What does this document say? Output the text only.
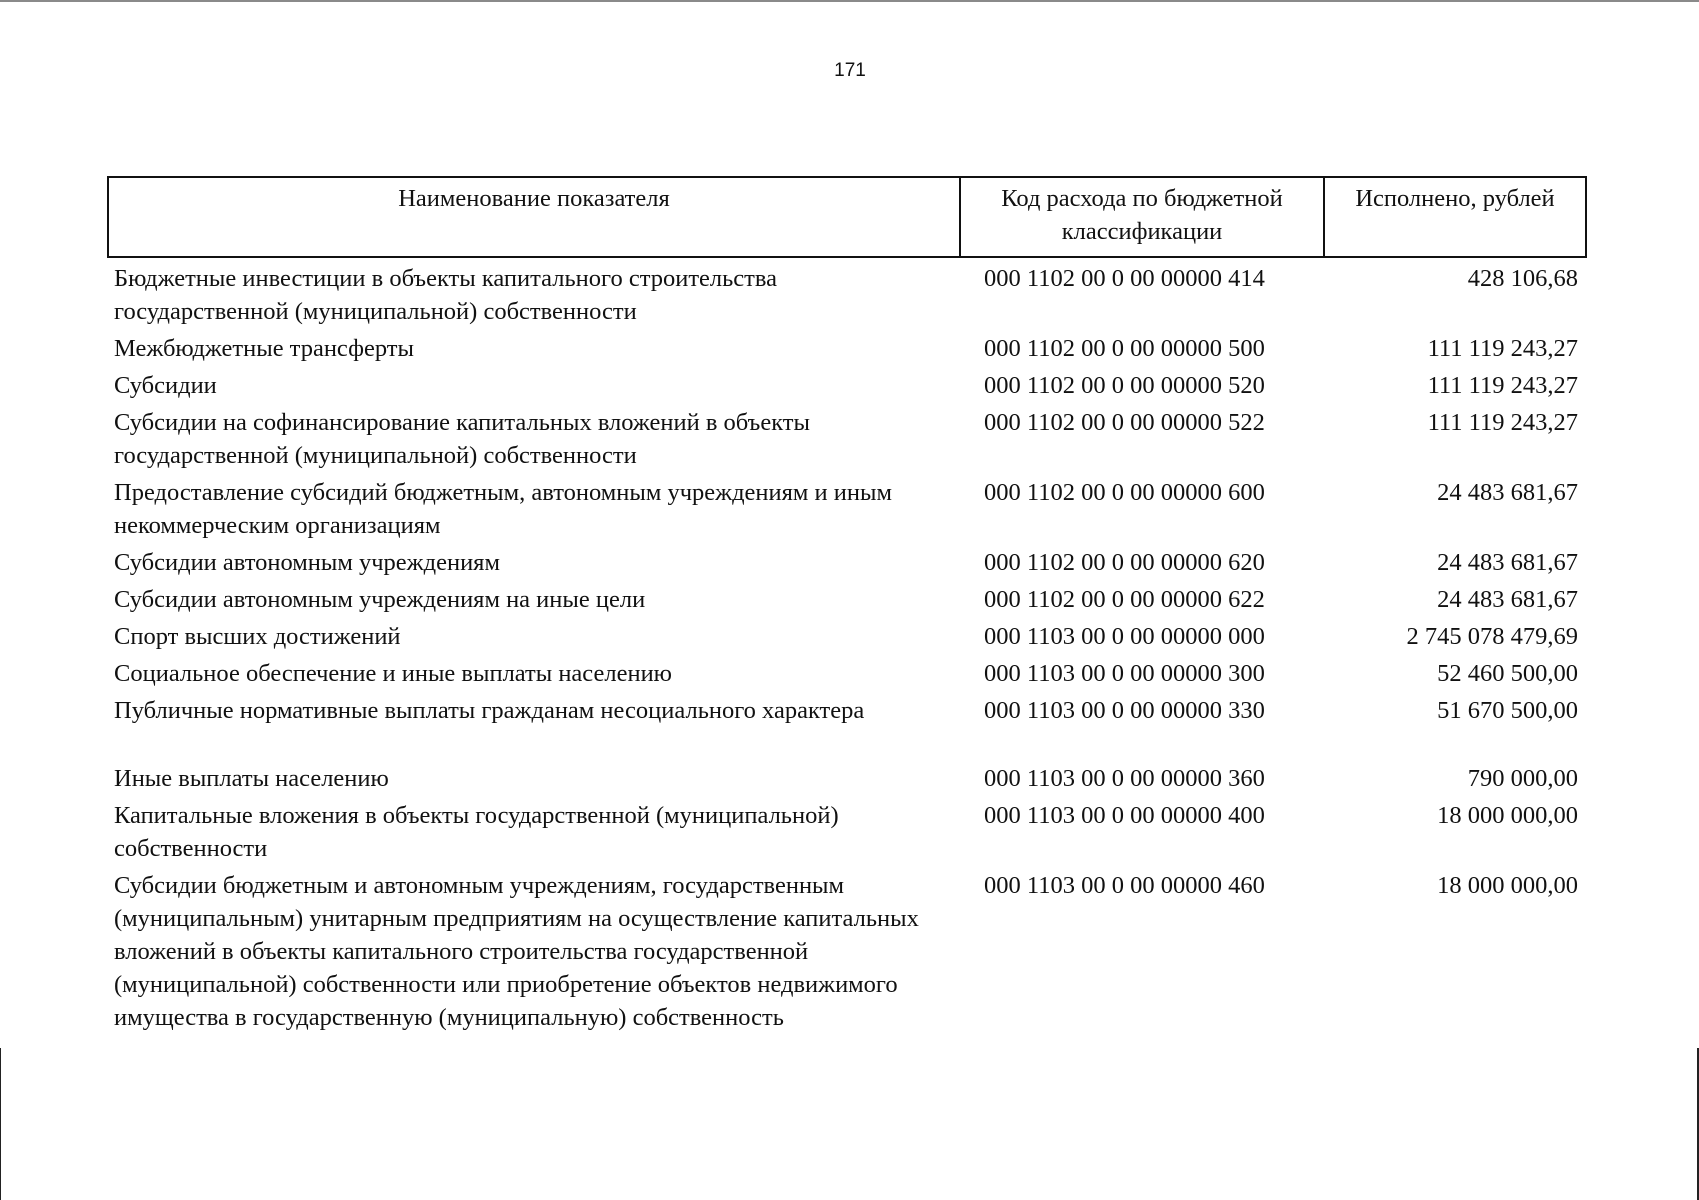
171
Наименование показателя	Код расхода по бюджетной классификации	Исполнено, рублей
Бюджетные инвестиции в объекты капитального строительства государственной (муниципальной) собственности	000 1102 00 0 00 00000 414	428 106,68
Межбюджетные трансферты	000 1102 00 0 00 00000 500	111 119 243,27
Субсидии	000 1102 00 0 00 00000 520	111 119 243,27
Субсидии на софинансирование капитальных вложений в объекты государственной (муниципальной) собственности	000 1102 00 0 00 00000 522	111 119 243,27
Предоставление субсидий бюджетным, автономным учреждениям и иным некоммерческим организациям	000 1102 00 0 00 00000 600	24 483 681,67
Субсидии автономным учреждениям	000 1102 00 0 00 00000 620	24 483 681,67
Субсидии автономным учреждениям на иные цели	000 1102 00 0 00 00000 622	24 483 681,67
Спорт высших достижений	000 1103 00 0 00 00000 000	2 745 078 479,69
Социальное обеспечение и иные выплаты населению	000 1103 00 0 00 00000 300	52 460 500,00
Публичные нормативные выплаты гражданам несоциального характера	000 1103 00 0 00 00000 330	51 670 500,00
Иные выплаты населению	000 1103 00 0 00 00000 360	790 000,00
Капитальные вложения в объекты государственной (муниципальной) собственности	000 1103 00 0 00 00000 400	18 000 000,00
Субсидии бюджетным и автономным учреждениям, государственным (муниципальным) унитарным предприятиям на осуществление капитальных вложений в объекты капитального строительства государственной (муниципальной) собственности или приобретение объектов недвижимого имущества в государственную (муниципальную) собственность	000 1103 00 0 00 00000 460	18 000 000,00
